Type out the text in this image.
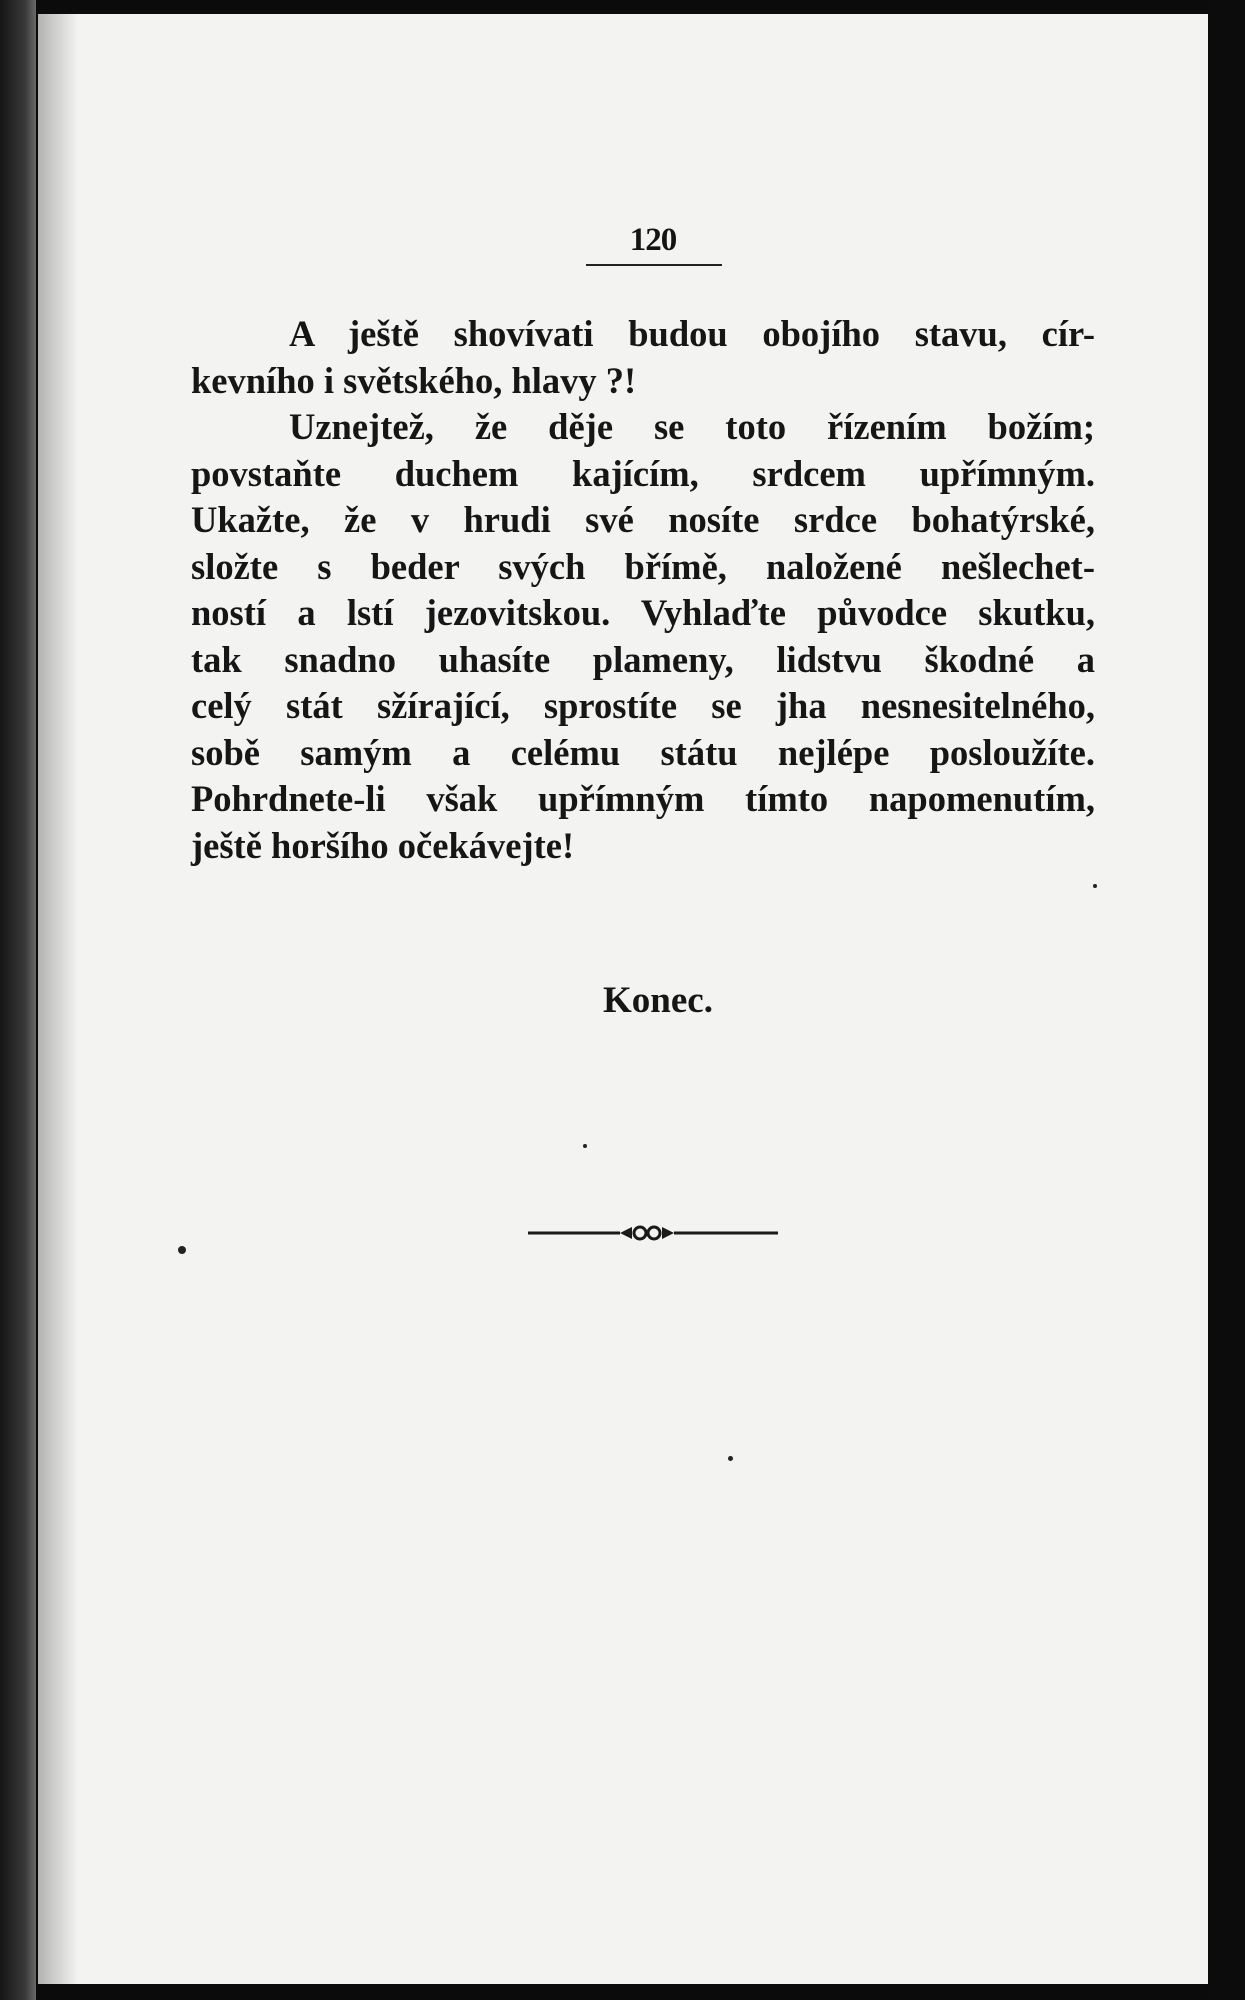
120
A ještě shovívati budou obojího stavu, cír-
kevního i světského, hlavy ?!
Uznejtež, že děje se toto řízením božím;
povstaňte duchem kajícím, srdcem upřímným.
Ukažte, že v hrudi své nosíte srdce bohatýrské,
složte s beder svých břímě, naložené nešlechet-
ností a lstí jezovitskou. Vyhlaďte původce skutku,
tak snadno uhasíte plameny, lidstvu škodné a
celý stát sžírající, sprostíte se jha nesnesitelného,
sobě samým a celému státu nejlépe posloužíte.
Pohrdnete-li však upřímným tímto napomenutím,
ještě horšího očekávejte!
Konec.
